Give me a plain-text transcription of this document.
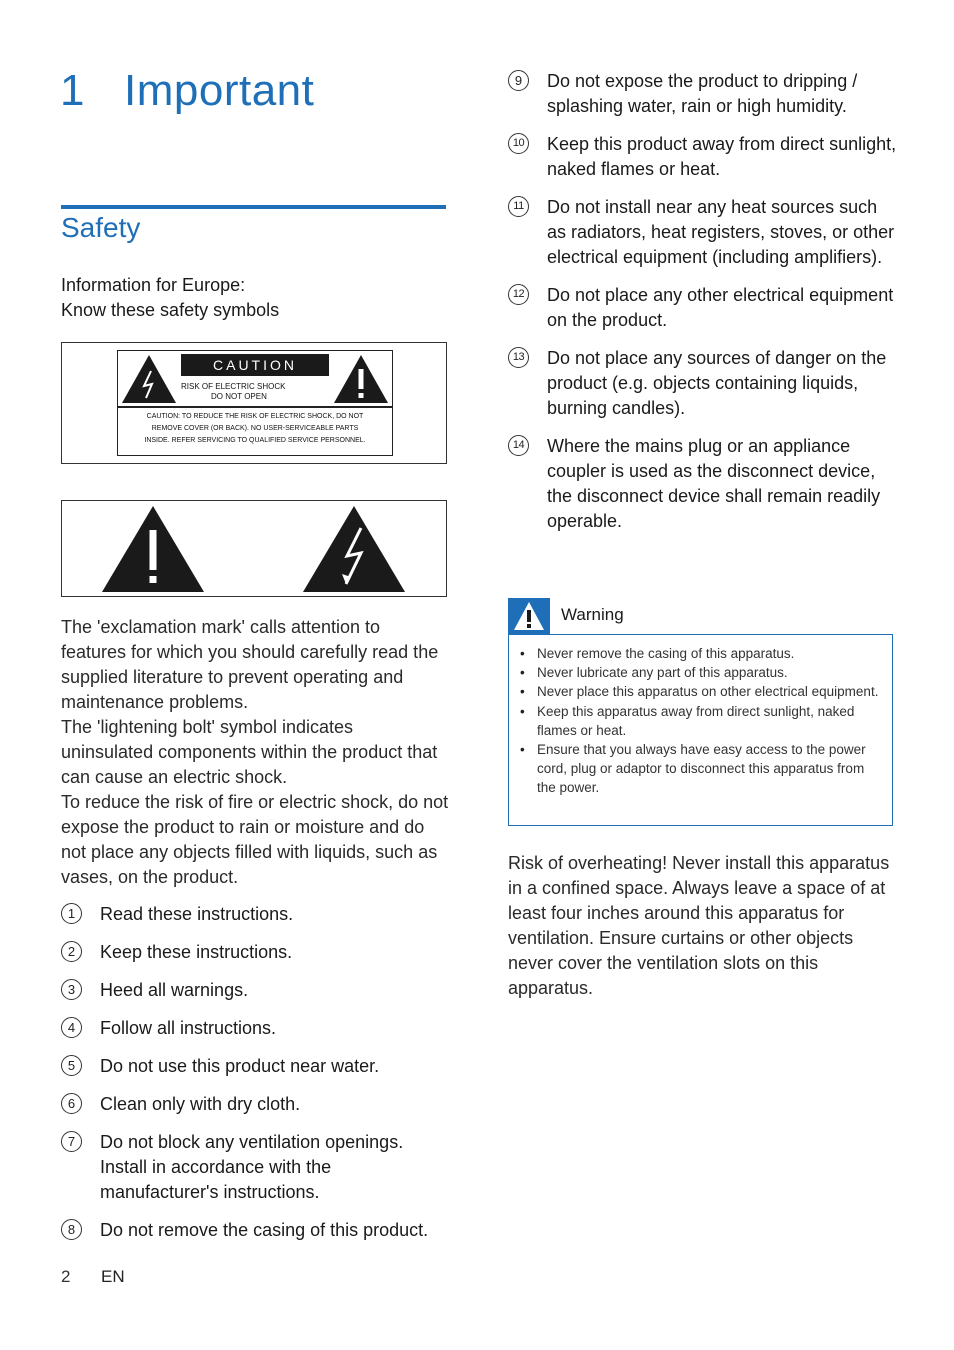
1 Important
Safety
Information for Europe:
Know these safety symbols
CAUTION
RISK OF ELECTRIC SHOCK
DO NOT OPEN
CAUTION: TO REDUCE THE RISK OF ELECTRIC SHOCK, DO NOT
REMOVE COVER (OR BACK). NO USER-SERVICEABLE PARTS
INSIDE. REFER SERVICING TO QUALIFIED SERVICE PERSONNEL.

The 'exclamation mark' calls attention to features for which you should carefully read the supplied literature to prevent operating and maintenance problems.

The 'lightening bolt' symbol indicates uninsulated components within the product that can cause an electric shock.

To reduce the risk of fire or electric shock, do not expose the product to rain or moisture and do not place any objects filled with liquids, such as vases, on the product.

1	Read these instructions.
2	Keep these instructions.
3	Heed all warnings.
4	Follow all instructions.
5	Do not use this product near water.
6	Clean only with dry cloth.
7	Do not block any ventilation openings. Install in accordance with the manufacturer's instructions.
8	Do not remove the casing of this product.
9	Do not expose the product to dripping / splashing water, rain or high humidity.
10 Keep this product away from direct sunlight, naked flames or heat.
11 Do not install near any heat sources such as radiators, heat registers, stoves, or other electrical equipment (including amplifiers).
12 Do not place any other electrical equipment on the product.
13 Do not place any sources of danger on the product (e.g. objects containing liquids, burning candles).
14 Where the mains plug or an appliance coupler is used as the disconnect device, the disconnect device shall remain readily operable.
Warning
• Never remove the casing of this apparatus.
• Never lubricate any part of this apparatus.
• Never place this apparatus on other electrical equipment.
• Keep this apparatus away from direct sunlight, naked flames or heat.
• Ensure that you always have easy access to the power cord, plug or adaptor to disconnect this apparatus from the power.

Risk of overheating! Never install this apparatus in a confined space. Always leave a space of at least four inches around this apparatus for ventilation. Ensure curtains or other objects never cover the ventilation slots on this apparatus.

2 EN
